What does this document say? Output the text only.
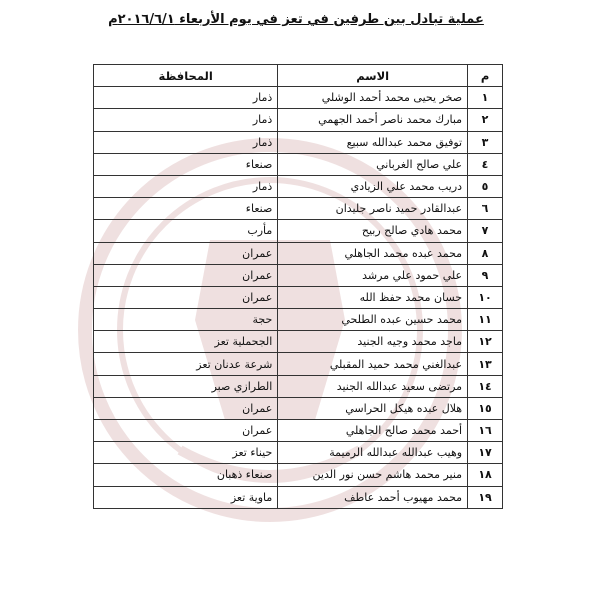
عملية تبادل بين طرفين في تعز في يوم الأربعاء ٢٠١٦/٦/١م
م	الاسم	المحافظة
١	صخر يحيى محمد أحمد الوشلي	ذمار
٢	مبارك محمد ناصر أحمد الجهمي	ذمار
٣	توفيق محمد عبدالله سبيع	ذمار
٤	علي صالح الغرباني	صنعاء
٥	دريب محمد علي الزيادي	ذمار
٦	عبدالقادر حميد ناصر جليدان	صنعاء
٧	محمد هادي صالح ربيح	مأرب
٨	محمد عبده محمد الجاهلي	عمران
٩	علي حمود علي مرشد	عمران
١٠	حسان محمد حفظ الله	عمران
١١	محمد حسين عبده الطلحي	حجة
١٢	ماجد محمد وجيه الجنيد	الجحملية تعز
١٣	عبدالغني محمد حميد المقبلي	شرعة عدنان تعز
١٤	مرتضى سعيد عبدالله الجنيد	الطرازي صبر
١٥	هلال عبده هيكل الحراسي	عمران
١٦	أحمد محمد صالح الجاهلي	عمران
١٧	وهيب عبدالله عبدالله الرميمة	حيناء تعز
١٨	منير محمد هاشم حسن نور الدين	صنعاء ذهبان
١٩	محمد مهيوب أحمد عاطف	ماوية تعز
